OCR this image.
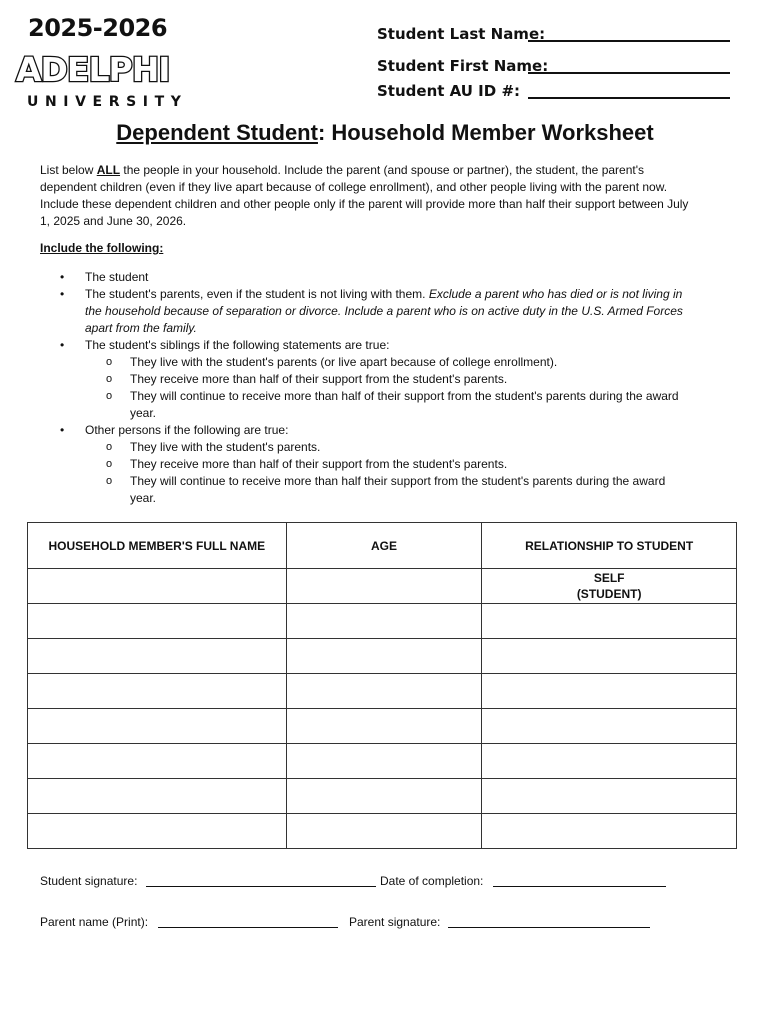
2025-2026
ADELPHI
UNIVERSITY
Student Last Name:
Student First Name:
Student AU ID #:
Dependent Student: Household Member Worksheet
List below ALL the people in your household. Include the parent (and spouse or partner), the student, the parent's dependent children (even if they live apart because of college enrollment), and other people living with the parent now. Include these dependent children and other people only if the parent will provide more than half their support between July 1, 2025 and June 30, 2026.
Include the following:
• The student
• The student's parents, even if the student is not living with them. Exclude a parent who has died or is not living in the household because of separation or divorce. Include a parent who is on active duty in the U.S. Armed Forces apart from the family.
• The student's siblings if the following statements are true:
o They live with the student's parents (or live apart because of college enrollment).
o They receive more than half of their support from the student's parents.
o They will continue to receive more than half of their support from the student's parents during the award year.
• Other persons if the following are true:
o They live with the student's parents.
o They receive more than half of their support from the student's parents.
o They will continue to receive more than half their support from the student's parents during the award year.
HOUSEHOLD MEMBER'S FULL NAME	AGE	RELATIONSHIP TO STUDENT
		SELF
(STUDENT)

Student signature:	Date of completion:
Parent name (Print):	Parent signature:
